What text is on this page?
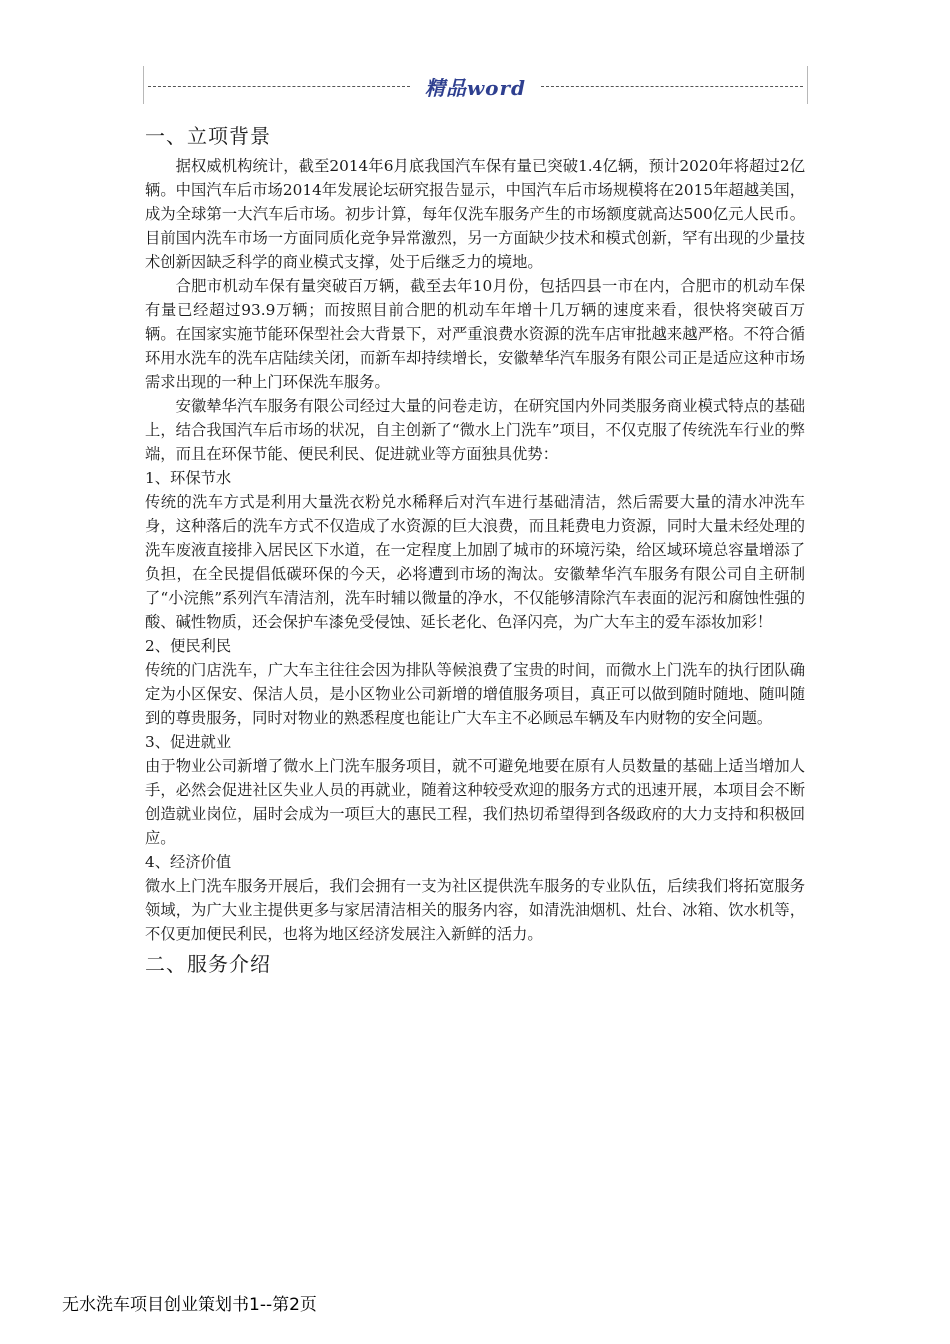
精品word
一、立项背景

据权威机构统计，截至2014年6月底我国汽车保有量已突破1.4亿辆，预计2020年将超过2亿辆。中国汽车后市场2014年发展论坛研究报告显示，中国汽车后市场规模将在2015年超越美国，成为全球第一大汽车后市场。初步计算，每年仅洗车服务产生的市场额度就高达500亿元人民币。目前国内洗车市场一方面同质化竞争异常激烈，另一方面缺少技术和模式创新，罕有出现的少量技术创新因缺乏科学的商业模式支撑，处于后继乏力的境地。

合肥市机动车保有量突破百万辆，截至去年10月份，包括四县一市在内，合肥市的机动车保有量已经超过93.9万辆；而按照目前合肥的机动车年增十几万辆的速度来看，很快将突破百万辆。在国家实施节能环保型社会大背景下，对严重浪费水资源的洗车店审批越来越严格。不符合循环用水洗车的洗车店陆续关闭，而新车却持续增长，安徽辇华汽车服务有限公司正是适应这种市场需求出现的一种上门环保洗车服务。

安徽辇华汽车服务有限公司经过大量的问卷走访，在研究国内外同类服务商业模式特点的基础上，结合我国汽车后市场的状况，自主创新了“微水上门洗车”项目，不仅克服了传统洗车行业的弊端，而且在环保节能、便民利民、促进就业等方面独具优势：

1、环保节水

传统的洗车方式是利用大量洗衣粉兑水稀释后对汽车进行基础清洁，然后需要大量的清水冲洗车身，这种落后的洗车方式不仅造成了水资源的巨大浪费，而且耗费电力资源，同时大量未经处理的洗车废液直接排入居民区下水道，在一定程度上加剧了城市的环境污染，给区域环境总容量增添了负担，在全民提倡低碳环保的今天，必将遭到市场的淘汰。安徽辇华汽车服务有限公司自主研制了“小浣熊”系列汽车清洁剂，洗车时辅以微量的净水，不仅能够清除汽车表面的泥污和腐蚀性强的酸、碱性物质，还会保护车漆免受侵蚀、延长老化、色泽闪亮，为广大车主的爱车添妆加彩！

2、便民利民

传统的门店洗车，广大车主往往会因为排队等候浪费了宝贵的时间，而微水上门洗车的执行团队确定为小区保安、保洁人员，是小区物业公司新增的增值服务项目，真正可以做到随时随地、随叫随到的尊贵服务，同时对物业的熟悉程度也能让广大车主不必顾忌车辆及车内财物的安全问题。

3、促进就业

由于物业公司新增了微水上门洗车服务项目，就不可避免地要在原有人员数量的基础上适当增加人手，必然会促进社区失业人员的再就业，随着这种较受欢迎的服务方式的迅速开展，本项目会不断创造就业岗位，届时会成为一项巨大的惠民工程，我们热切希望得到各级政府的大力支持和积极回应。

4、经济价值

微水上门洗车服务开展后，我们会拥有一支为社区提供洗车服务的专业队伍，后续我们将拓宽服务领域，为广大业主提供更多与家居清洁相关的服务内容，如清洗油烟机、灶台、冰箱、饮水机等，不仅更加便民利民，也将为地区经济发展注入新鲜的活力。

二、服务介绍
无水洗车项目创业策划书1--第2页
